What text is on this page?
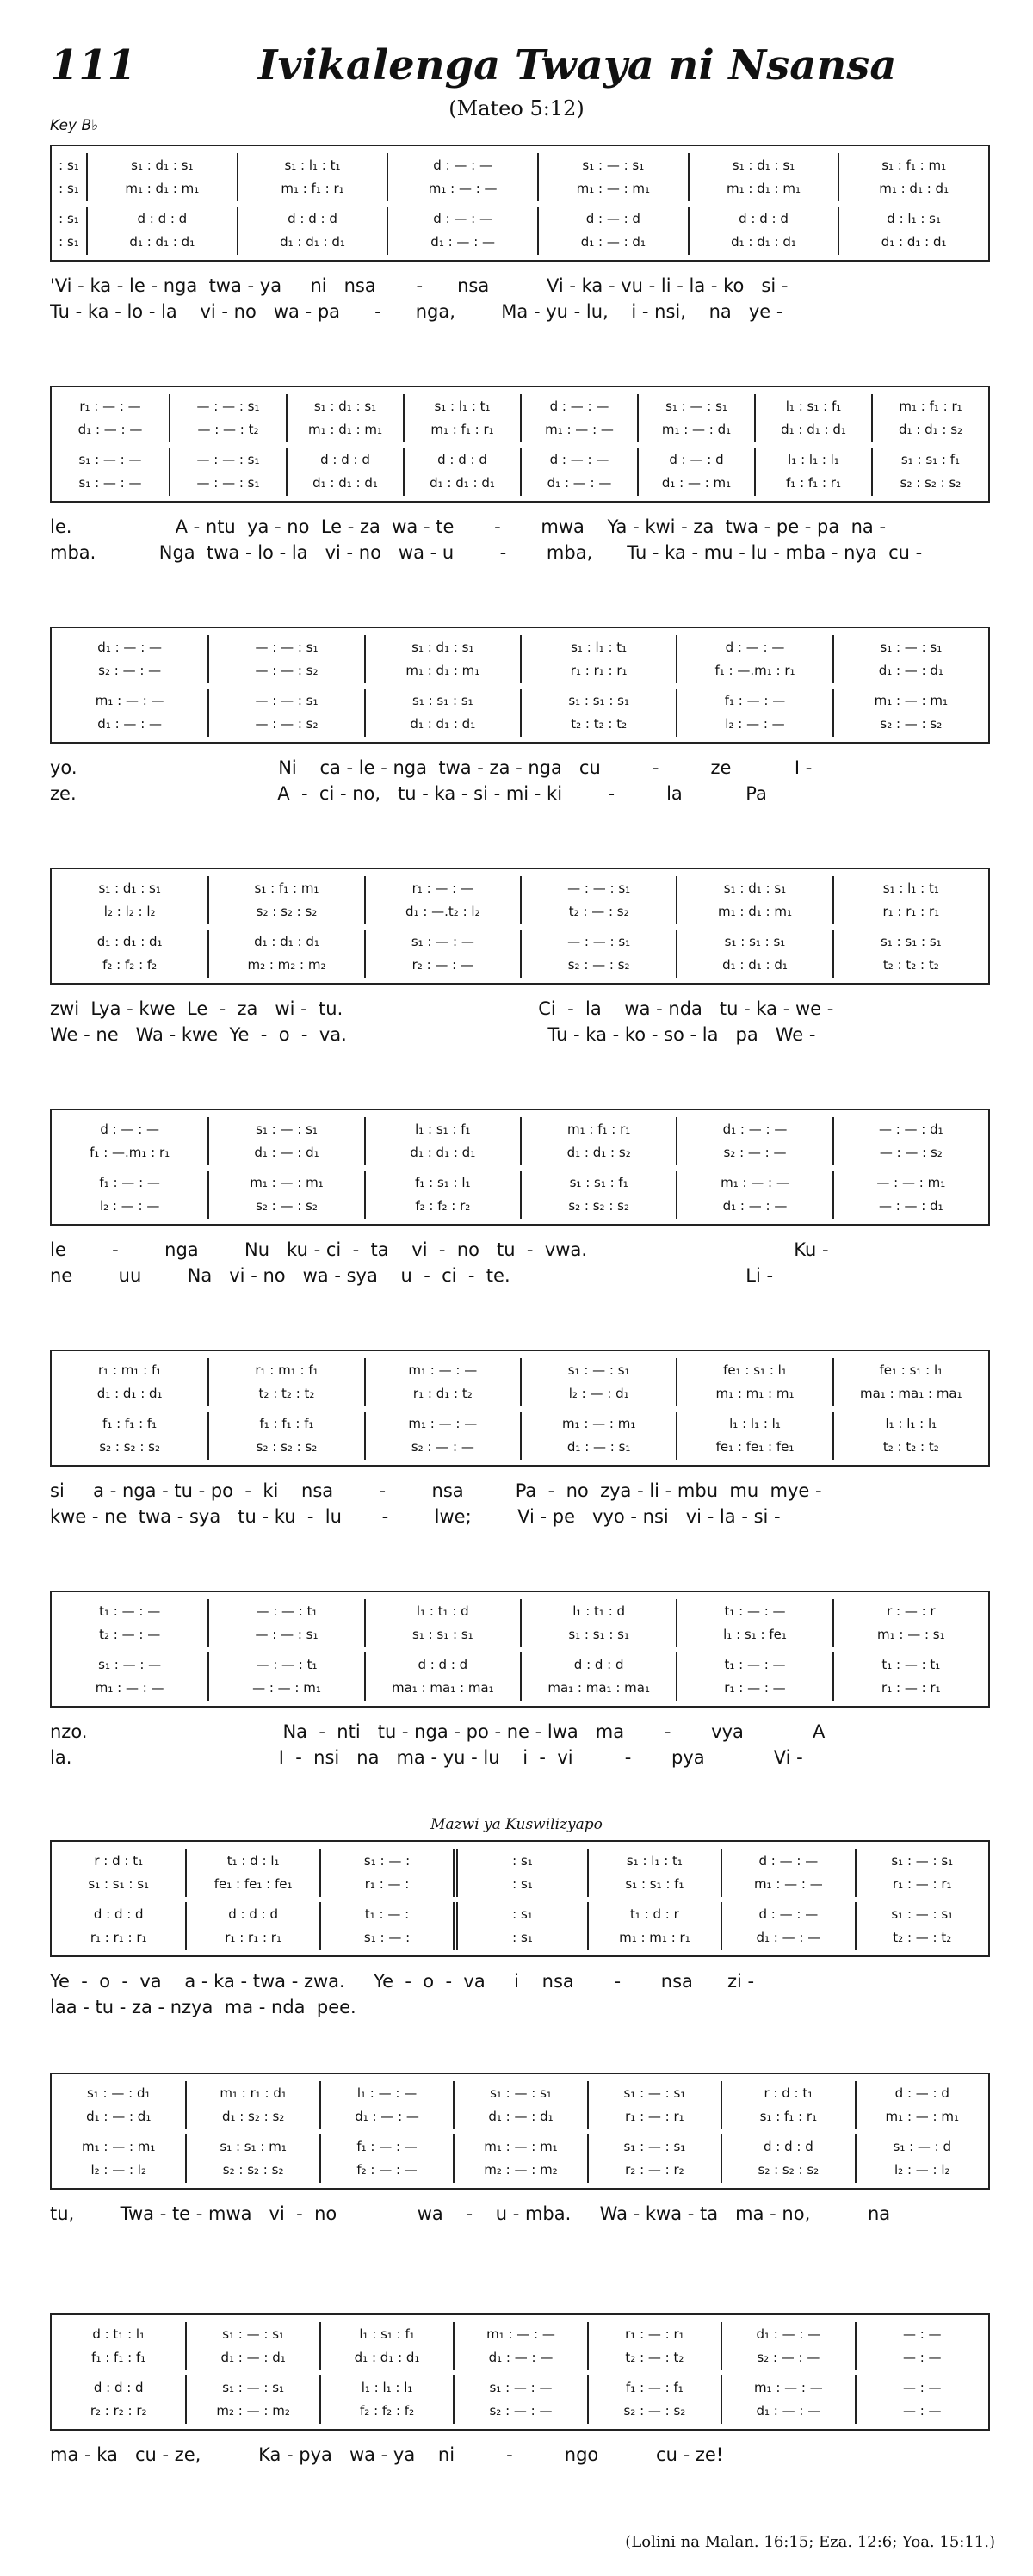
111	Ivikalenga Twaya ni Nsansa
(Mateo 5:12)
Key B♭
: s₁
: s₁
s₁ : d₁ : s₁
m₁ : d₁ : m₁
s₁ : l₁ : t₁
m₁ : f₁ : r₁
d : — : —
m₁ : — : —
s₁ : — : s₁
m₁ : — : m₁
s₁ : d₁ : s₁
m₁ : d₁ : m₁
s₁ : f₁ : m₁
m₁ : d₁ : d₁
: s₁
: s₁
d : d : d
d₁ : d₁ : d₁
d : d : d
d₁ : d₁ : d₁
d : — : —
d₁ : — : —
d : — : d
d₁ : — : d₁
d : d : d
d₁ : d₁ : d₁
d : l₁ : s₁
d₁ : d₁ : d₁
'Vi - ka - le - nga  twa - ya     ni   nsa       -      nsa          Vi - ka - vu - li - la - ko   si -
Tu - ka - lo - la    vi - no   wa - pa      -      nga,        Ma - yu - lu,    i - nsi,    na   ye -
r₁ : — : —
d₁ : — : —
— : — : s₁
— : — : t₂
s₁ : d₁ : s₁
m₁ : d₁ : m₁
s₁ : l₁ : t₁
m₁ : f₁ : r₁
d : — : —
m₁ : — : —
s₁ : — : s₁
m₁ : — : d₁
l₁ : s₁ : f₁
d₁ : d₁ : d₁
m₁ : f₁ : r₁
d₁ : d₁ : s₂
s₁ : — : —
s₁ : — : —
— : — : s₁
— : — : s₁
d : d : d
d₁ : d₁ : d₁
d : d : d
d₁ : d₁ : d₁
d : — : —
d₁ : — : —
d : — : d
d₁ : — : m₁
l₁ : l₁ : l₁
f₁ : f₁ : r₁
s₁ : s₁ : f₁
s₂ : s₂ : s₂
le.                  A - ntu  ya - no  Le - za  wa - te       -       mwa    Ya - kwi - za  twa - pe - pa  na -
mba.           Nga  twa - lo - la   vi - no   wa - u        -       mba,      Tu - ka - mu - lu - mba - nya  cu -
d₁ : — : —
s₂ : — : —
— : — : s₁
— : — : s₂
s₁ : d₁ : s₁
m₁ : d₁ : m₁
s₁ : l₁ : t₁
r₁ : r₁ : r₁
d : — : —
f₁ : —.m₁ : r₁
s₁ : — : s₁
d₁ : — : d₁
m₁ : — : —
d₁ : — : —
— : — : s₁
— : — : s₂
s₁ : s₁ : s₁
d₁ : d₁ : d₁
s₁ : s₁ : s₁
t₂ : t₂ : t₂
f₁ : — : —
l₂ : — : —
m₁ : — : m₁
s₂ : — : s₂
yo.                                   Ni    ca - le - nga  twa - za - nga   cu         -         ze           I -
ze.                                   A  -  ci - no,   tu - ka - si - mi - ki        -         la           Pa
s₁ : d₁ : s₁
l₂ : l₂ : l₂
s₁ : f₁ : m₁
s₂ : s₂ : s₂
r₁ : — : —
d₁ : —.t₂ : l₂
— : — : s₁
t₂ : — : s₂
s₁ : d₁ : s₁
m₁ : d₁ : m₁
s₁ : l₁ : t₁
r₁ : r₁ : r₁
d₁ : d₁ : d₁
f₂ : f₂ : f₂
d₁ : d₁ : d₁
m₂ : m₂ : m₂
s₁ : — : —
r₂ : — : —
— : — : s₁
s₂ : — : s₂
s₁ : s₁ : s₁
d₁ : d₁ : d₁
s₁ : s₁ : s₁
t₂ : t₂ : t₂
zwi  Lya - kwe  Le  -  za   wi -  tu.                                  Ci  -  la    wa - nda   tu - ka - we -
We - ne   Wa - kwe  Ye  -  o  -  va.                                   Tu - ka - ko - so - la   pa   We -
d : — : —
f₁ : —.m₁ : r₁
s₁ : — : s₁
d₁ : — : d₁
l₁ : s₁ : f₁
d₁ : d₁ : d₁
m₁ : f₁ : r₁
d₁ : d₁ : s₂
d₁ : — : —
s₂ : — : —
— : — : d₁
— : — : s₂
f₁ : — : —
l₂ : — : —
m₁ : — : m₁
s₂ : — : s₂
f₁ : s₁ : l₁
f₂ : f₂ : r₂
s₁ : s₁ : f₁
s₂ : s₂ : s₂
m₁ : — : —
d₁ : — : —
— : — : m₁
— : — : d₁
le        -        nga        Nu   ku - ci  -  ta    vi  -  no   tu  -  vwa.                                    Ku -
ne        uu        Na   vi - no   wa - sya    u  -  ci  -  te.                                         Li -
r₁ : m₁ : f₁
d₁ : d₁ : d₁
r₁ : m₁ : f₁
t₂ : t₂ : t₂
m₁ : — : —
r₁ : d₁ : t₂
s₁ : — : s₁
l₂ : — : d₁
fe₁ : s₁ : l₁
m₁ : m₁ : m₁
fe₁ : s₁ : l₁
ma₁ : ma₁ : ma₁
f₁ : f₁ : f₁
s₂ : s₂ : s₂
f₁ : f₁ : f₁
s₂ : s₂ : s₂
m₁ : — : —
s₂ : — : —
m₁ : — : m₁
d₁ : — : s₁
l₁ : l₁ : l₁
fe₁ : fe₁ : fe₁
l₁ : l₁ : l₁
t₂ : t₂ : t₂
si     a - nga - tu - po  -  ki    nsa        -        nsa         Pa  -  no  zya - li - mbu  mu  mye -
kwe - ne  twa - sya   tu - ku  -  lu       -        lwe;        Vi - pe   vyo - nsi   vi - la - si -
t₁ : — : —
t₂ : — : —
— : — : t₁
— : — : s₁
l₁ : t₁ : d
s₁ : s₁ : s₁
l₁ : t₁ : d
s₁ : s₁ : s₁
t₁ : — : —
l₁ : s₁ : fe₁
r : — : r
m₁ : — : s₁
s₁ : — : —
m₁ : — : —
— : — : t₁
— : — : m₁
d : d : d
ma₁ : ma₁ : ma₁
d : d : d
ma₁ : ma₁ : ma₁
t₁ : — : —
r₁ : — : —
t₁ : — : t₁
r₁ : — : r₁
nzo.                                  Na  -  nti   tu - nga - po - ne - lwa   ma       -       vya            A
la.                                    I  -  nsi   na   ma - yu - lu    i  -  vi         -       pya            Vi -
Mazwi ya Kuswilizyapo
r : d : t₁
s₁ : s₁ : s₁
t₁ : d : l₁
fe₁ : fe₁ : fe₁
s₁ : — :
r₁ : — :
: s₁
: s₁
s₁ : l₁ : t₁
s₁ : s₁ : f₁
d : — : —
m₁ : — : —
s₁ : — : s₁
r₁ : — : r₁
d : d : d
r₁ : r₁ : r₁
d : d : d
r₁ : r₁ : r₁
t₁ : — :
s₁ : — :
: s₁
: s₁
t₁ : d : r
m₁ : m₁ : r₁
d : — : —
d₁ : — : —
s₁ : — : s₁
t₂ : — : t₂
Ye  -  o  -  va    a - ka - twa - zwa.     Ye  -  o  -  va     i    nsa       -       nsa      zi -
laa - tu - za - nzya  ma - nda  pee.
s₁ : — : d₁
d₁ : — : d₁
m₁ : r₁ : d₁
d₁ : s₂ : s₂
l₁ : — : —
d₁ : — : —
s₁ : — : s₁
d₁ : — : d₁
s₁ : — : s₁
r₁ : — : r₁
r : d : t₁
s₁ : f₁ : r₁
d : — : d
m₁ : — : m₁
m₁ : — : m₁
l₂ : — : l₂
s₁ : s₁ : m₁
s₂ : s₂ : s₂
f₁ : — : —
f₂ : — : —
m₁ : — : m₁
m₂ : — : m₂
s₁ : — : s₁
r₂ : — : r₂
d : d : d
s₂ : s₂ : s₂
s₁ : — : d
l₂ : — : l₂
tu,        Twa - te - mwa   vi  -  no              wa    -    u - mba.     Wa - kwa - ta   ma - no,          na
d : t₁ : l₁
f₁ : f₁ : f₁
s₁ : — : s₁
d₁ : — : d₁
l₁ : s₁ : f₁
d₁ : d₁ : d₁
m₁ : — : —
d₁ : — : —
r₁ : — : r₁
t₂ : — : t₂
d₁ : — : —
s₂ : — : —
— : —
— : —
d : d : d
r₂ : r₂ : r₂
s₁ : — : s₁
m₂ : — : m₂
l₁ : l₁ : l₁
f₂ : f₂ : f₂
s₁ : — : —
s₂ : — : —
f₁ : — : f₁
s₂ : — : s₂
m₁ : — : —
d₁ : — : —
— : —
— : —
ma - ka   cu - ze,          Ka - pya   wa - ya    ni         -         ngo          cu - ze!
(Lolini na Malan. 16:15; Eza. 12:6; Yoa. 15:11.)
